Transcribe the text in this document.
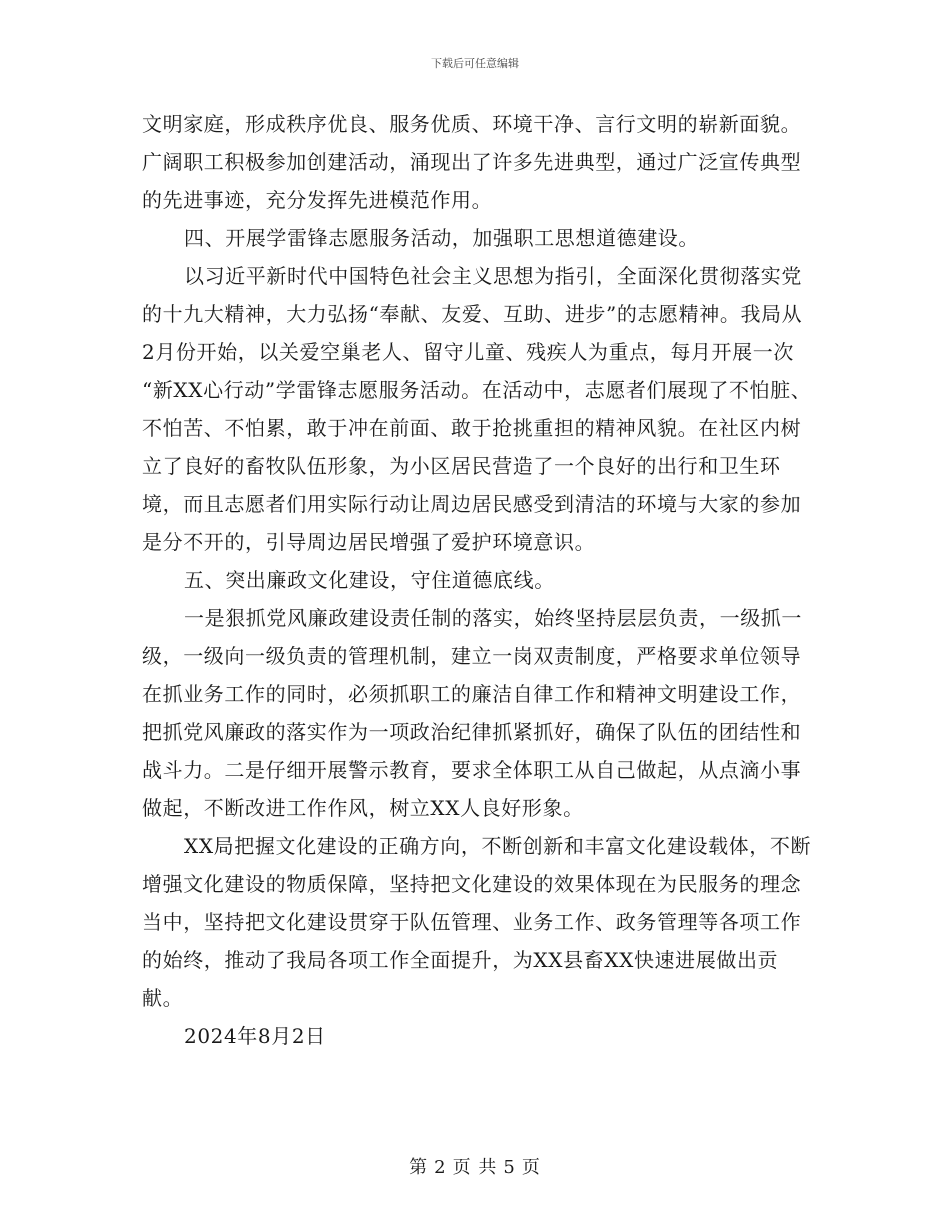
下载后可任意编辑

文明家庭，形成秩序优良、服务优质、环境干净、言行文明的崭新面貌。广阔职工积极参加创建活动，涌现出了许多先进典型，通过广泛宣传典型的先进事迹，充分发挥先进模范作用。

四、开展学雷锋志愿服务活动，加强职工思想道德建设。

以习近平新时代中国特色社会主义思想为指引，全面深化贯彻落实党的十九大精神，大力弘扬“奉献、友爱、互助、进步”的志愿精神。我局从2月份开始，以关爱空巢老人、留守儿童、残疾人为重点，每月开展一次 “新XX心行动”学雷锋志愿服务活动。在活动中，志愿者们展现了不怕脏、不怕苦、不怕累，敢于冲在前面、敢于抢挑重担的精神风貌。在社区内树立了良好的畜牧队伍形象，为小区居民营造了一个良好的出行和卫生环境，而且志愿者们用实际行动让周边居民感受到清洁的环境与大家的参加是分不开的，引导周边居民增强了爱护环境意识。

五、突出廉政文化建设，守住道德底线。

一是狠抓党风廉政建设责任制的落实，始终坚持层层负责，一级抓一级，一级向一级负责的管理机制，建立一岗双责制度，严格要求单位领导在抓业务工作的同时，必须抓职工的廉洁自律工作和精神文明建设工作，把抓党风廉政的落实作为一项政治纪律抓紧抓好，确保了队伍的团结性和战斗力。二是仔细开展警示教育，要求全体职工从自己做起，从点滴小事做起，不断改进工作作风，树立XX人良好形象。

XX局把握文化建设的正确方向，不断创新和丰富文化建设载体，不断增强文化建设的物质保障，坚持把文化建设的效果体现在为民服务的理念当中，坚持把文化建设贯穿于队伍管理、业务工作、政务管理等各项工作的始终，推动了我局各项工作全面提升，为XX县畜XX快速进展做出贡献。

2024年8月2日

第 2 页 共 5 页
